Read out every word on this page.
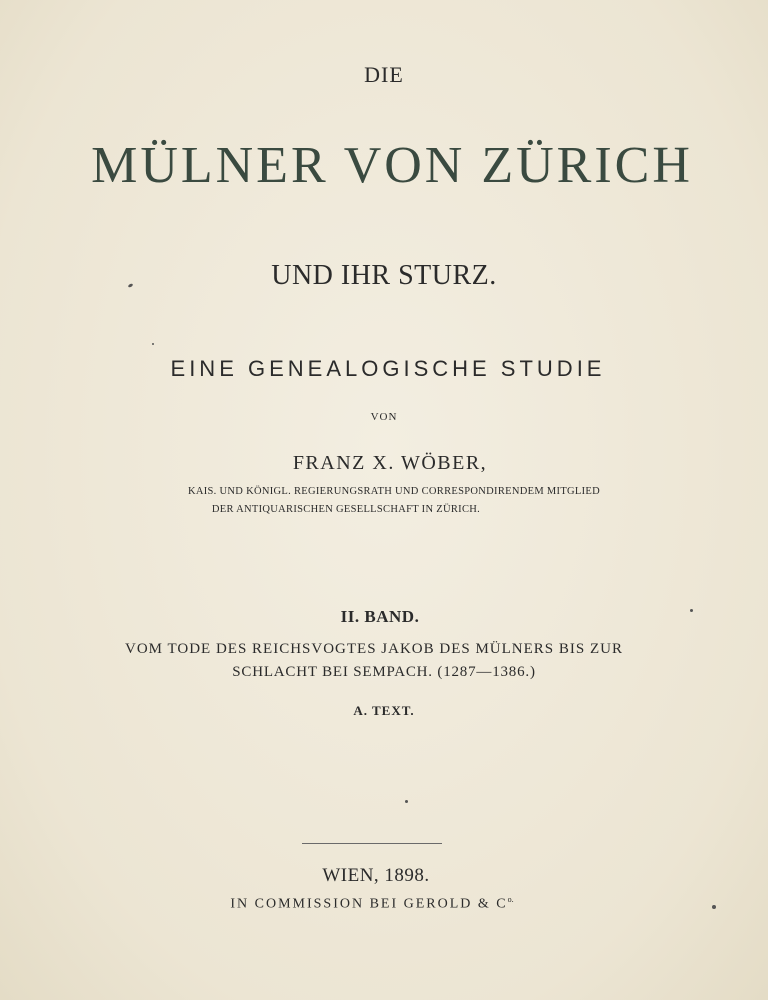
DIE
MÜLNER VON ZÜRICH
UND IHR STURZ.
EINE GENEALOGISCHE STUDIE
VON
FRANZ X. WÖBER,
KAIS. UND KÖNIGL. REGIERUNGSRATH UND CORRESPONDIRENDEM MITGLIED
DER ANTIQUARISCHEN GESELLSCHAFT IN ZÜRICH.
II. BAND.
VOM TODE DES REICHSVOGTES JAKOB DES MÜLNERS BIS ZUR
SCHLACHT BEI SEMPACH. (1287—1386.)
A. TEXT.
WIEN, 1898.
IN COMMISSION BEI GEROLD & $C^{o.}$
